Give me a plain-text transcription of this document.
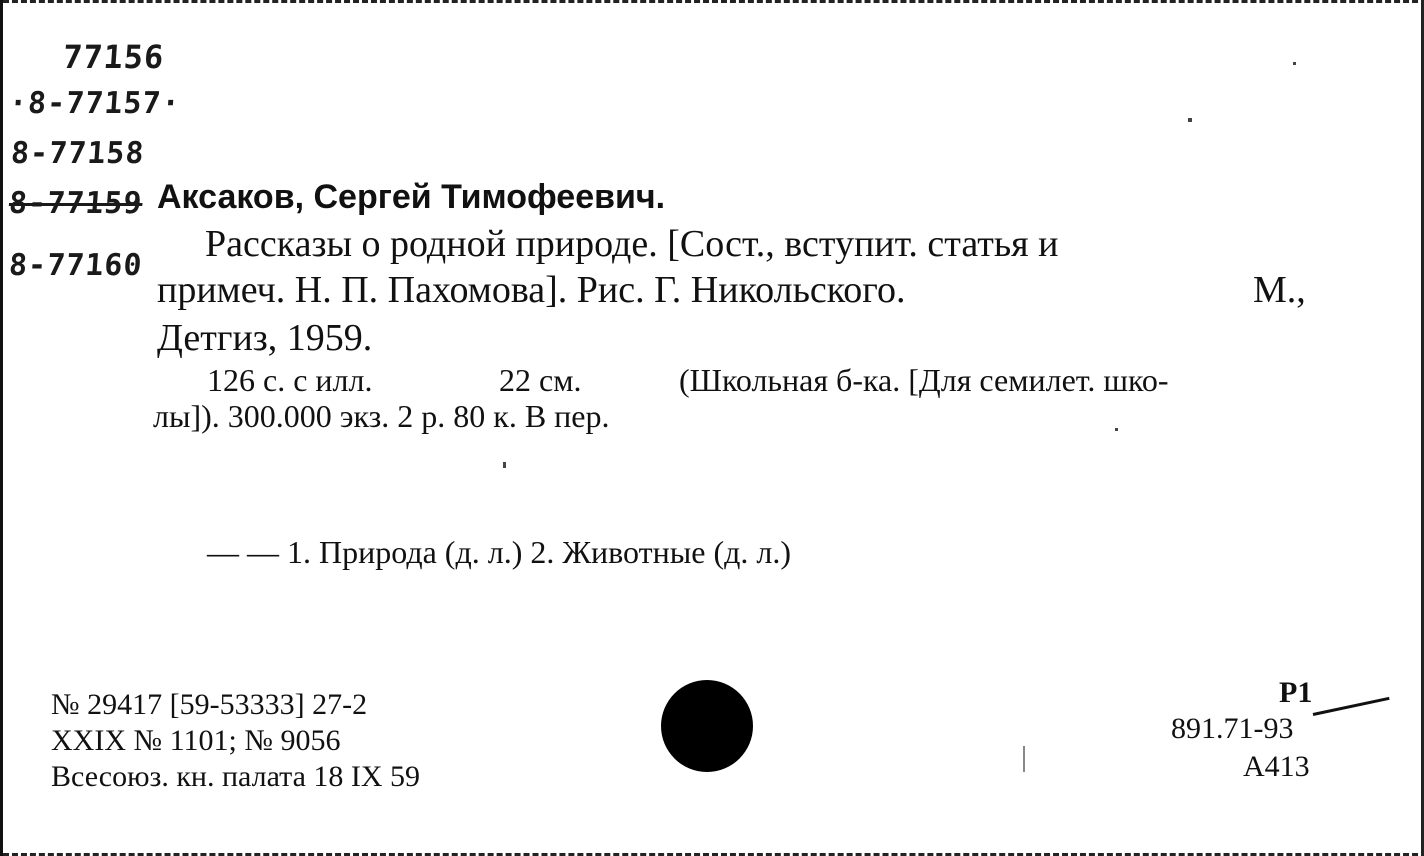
77156
·8-77157·
8-77158
8-77159
8-77160
Аксаков, Сергей Тимофеевич.
Рассказы о родной природе. [Сост., вступит. статья и
примеч. Н. П. Пахомова]. Рис. Г. Никольского.	М.,
Детгиз, 1959.
126 с. с илл.	22 см.	(Школьная б-ка. [Для семилет. шко-
лы]). 300.000 экз. 2 р. 80 к. В пер.
— — 1. Природа (д. л.) 2. Животные (д. л.)
№ 29417 [59-53333] 27-2
XXIX № 1101; № 9056
Всесоюз. кн. палата 18 IX 59
Р1
891.71-93
А413
